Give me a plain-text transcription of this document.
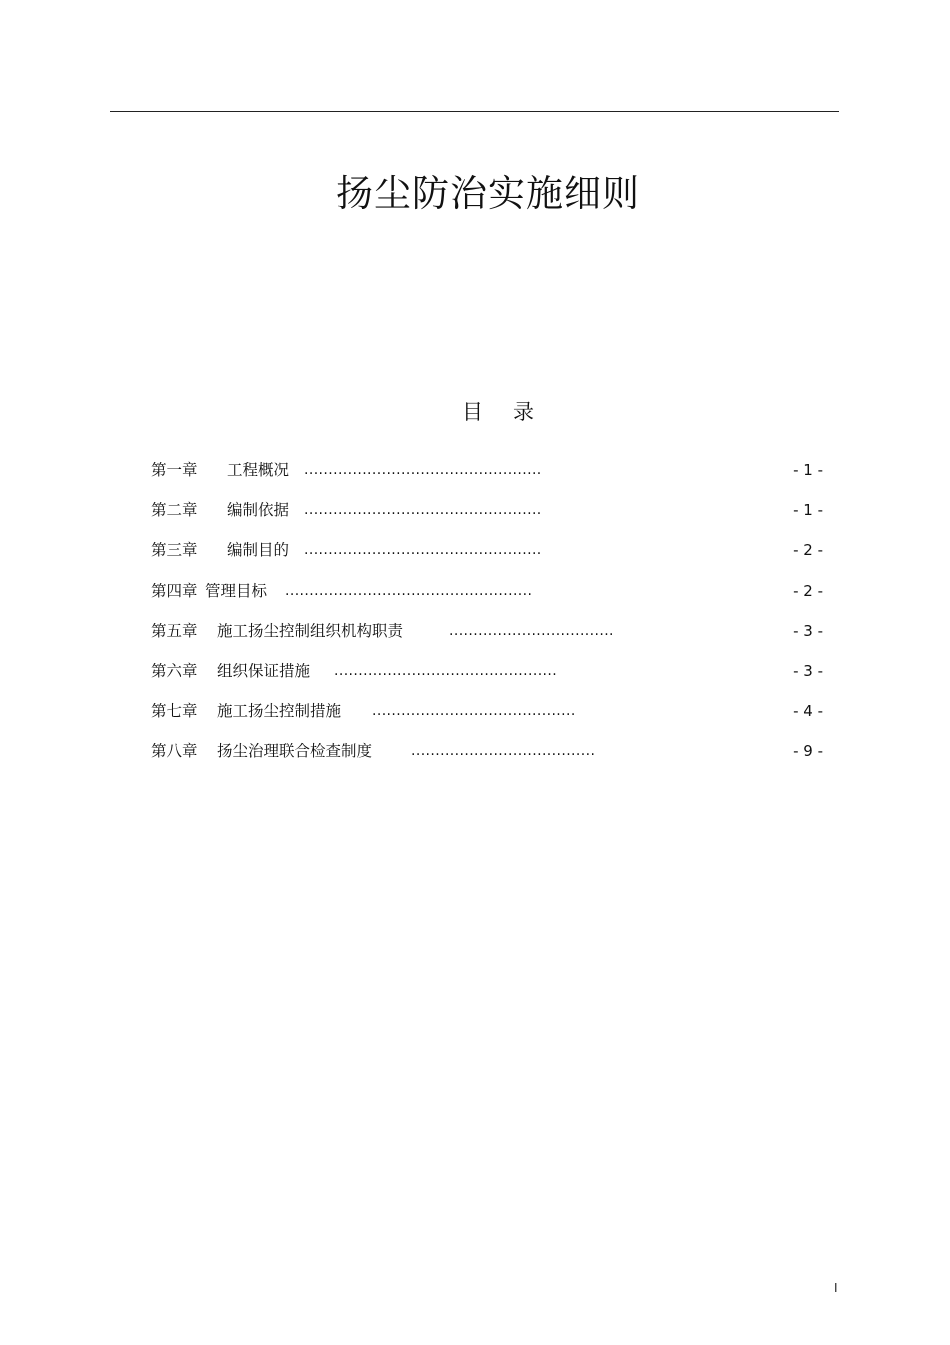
扬尘防治实施细则
目 录
第一章 工程概况 .................................................	- 1 -
第二章 编制依据 .................................................	- 1 -
第三章 编制目的 .................................................	- 2 -
第四章 管理目标 ...................................................	- 2 -
第五章 施工扬尘控制组织机构职责	..................................	- 3 -
第六章 组织保证措施 ..............................................	- 3 -
第七章 施工扬尘控制措施 ..........................................	- 4 -
第八章 扬尘治理联合检查制度	......................................	- 9 -
I
